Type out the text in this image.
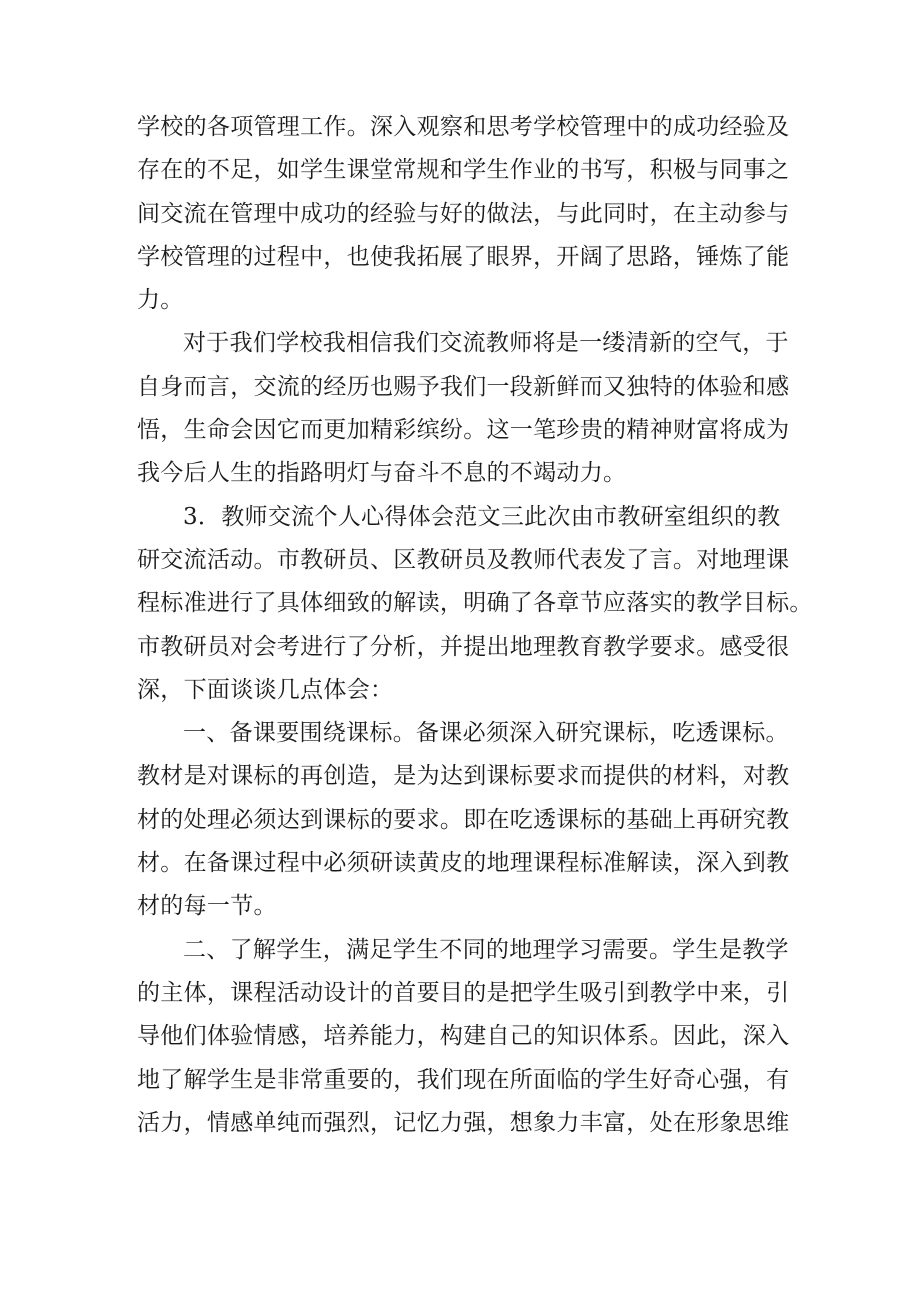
学校的各项管理工作。深入观察和思考学校管理中的成功经验及
存在的不足，如学生课堂常规和学生作业的书写，积极与同事之
间交流在管理中成功的经验与好的做法，与此同时，在主动参与
学校管理的过程中，也使我拓展了眼界，开阔了思路，锤炼了能
力。
对于我们学校我相信我们交流教师将是一缕清新的空气，于
自身而言，交流的经历也赐予我们一段新鲜而又独特的体验和感
悟，生命会因它而更加精彩缤纷。这一笔珍贵的精神财富将成为
我今后人生的指路明灯与奋斗不息的不竭动力。
3．教师交流个人心得体会范文三此次由市教研室组织的教
研交流活动。市教研员、区教研员及教师代表发了言。对地理课
程标准进行了具体细致的解读，明确了各章节应落实的教学目标。
市教研员对会考进行了分析，并提出地理教育教学要求。感受很
深，下面谈谈几点体会：
一、备课要围绕课标。备课必须深入研究课标，吃透课标。
教材是对课标的再创造，是为达到课标要求而提供的材料，对教
材的处理必须达到课标的要求。即在吃透课标的基础上再研究教
材。在备课过程中必须研读黄皮的地理课程标准解读，深入到教
材的每一节。
二、了解学生，满足学生不同的地理学习需要。学生是教学
的主体，课程活动设计的首要目的是把学生吸引到教学中来，引
导他们体验情感，培养能力，构建自己的知识体系。因此，深入
地了解学生是非常重要的，我们现在所面临的学生好奇心强，有
活力，情感单纯而强烈，记忆力强，想象力丰富，处在形象思维
